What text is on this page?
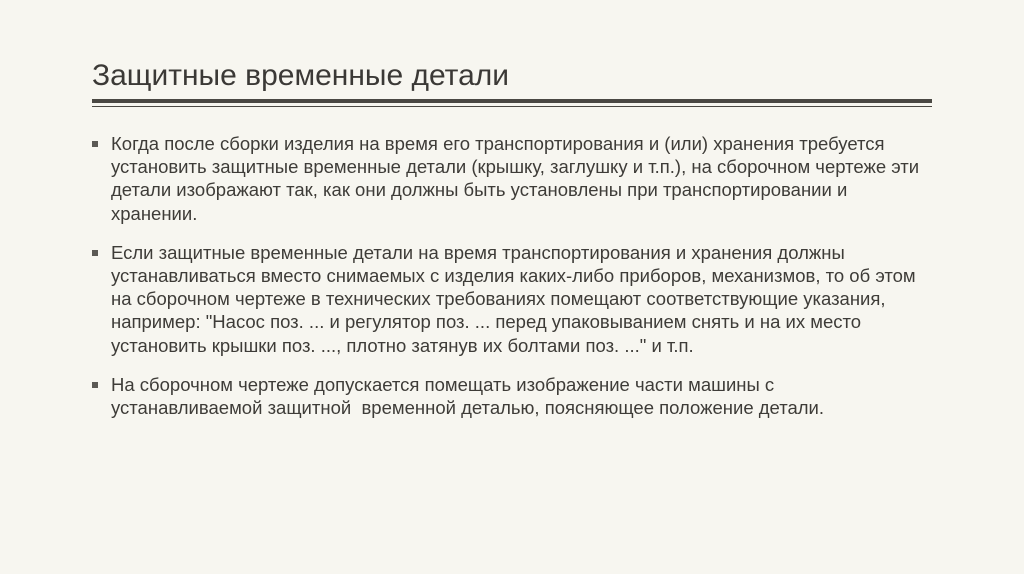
Защитные временные детали
Когда после сборки изделия на время его транспортирования и (или) хранения требуется установить защитные временные детали (крышку, заглушку и т.п.), на сборочном чертеже эти детали изображают так, как они должны быть установлены при транспортировании и хранении.
Если защитные временные детали на время транспортирования и хранения должны устанавливаться вместо снимаемых с изделия каких-либо приборов, механизмов, то об этом на сборочном чертеже в технических требованиях помещают соответствующие указания, например: "Насос поз. ... и регулятор поз. ... перед упаковыванием снять и на их место установить крышки поз. ..., плотно затянув их болтами поз. ..." и т.п.
На сборочном чертеже допускается помещать изображение части машины с устанавливаемой защитной  временной деталью, поясняющее положение детали.
